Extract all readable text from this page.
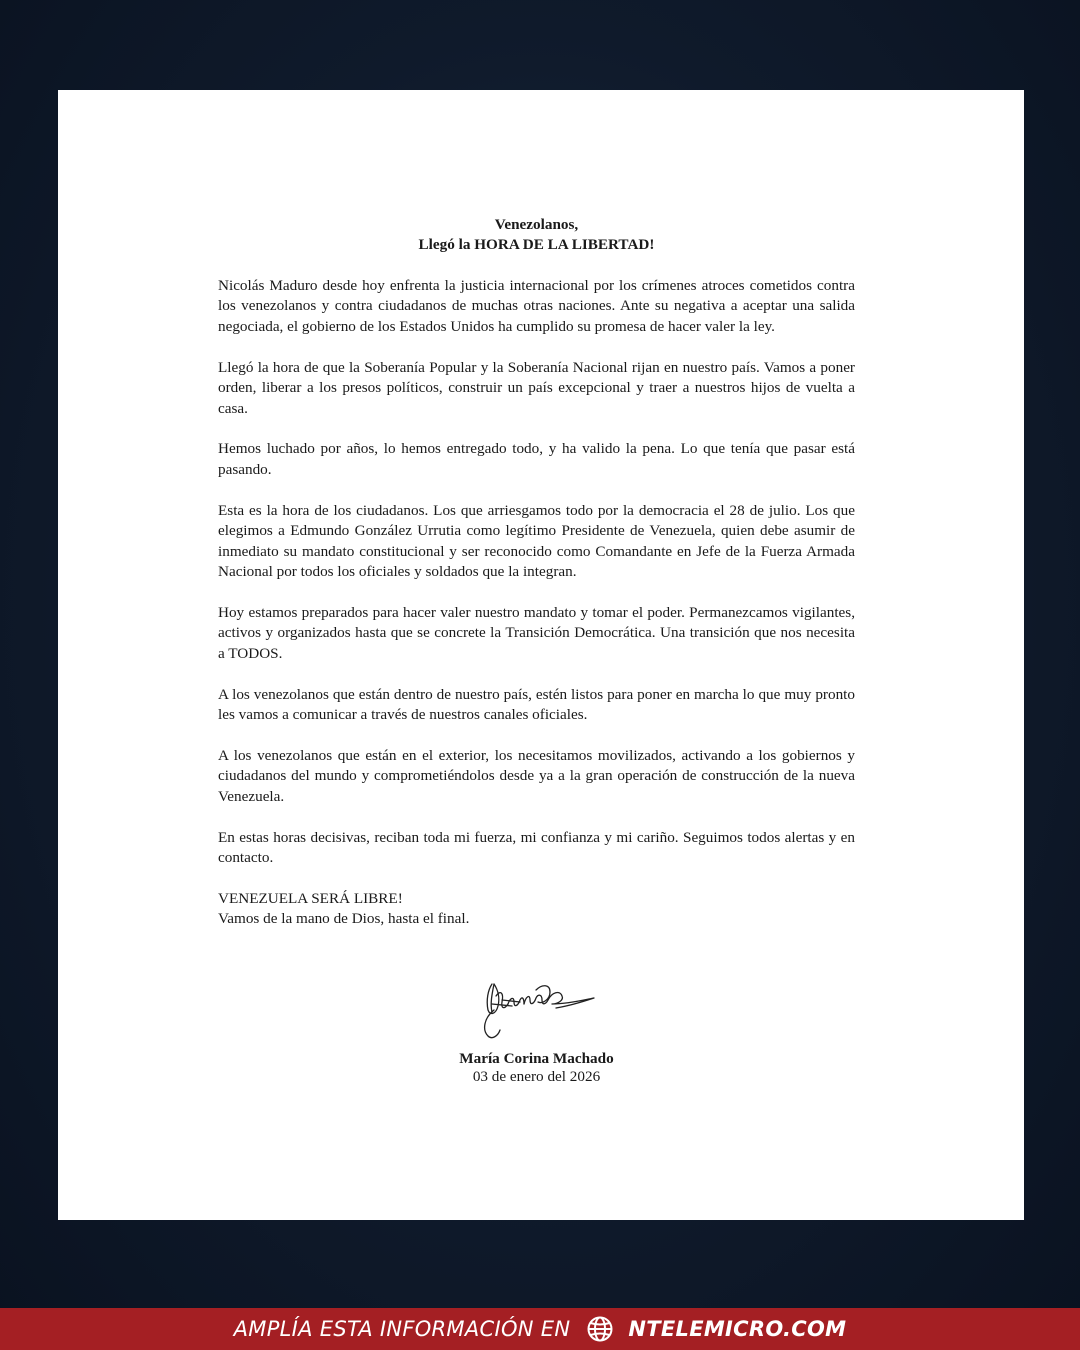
Venezolanos,
Llegó la HORA DE LA LIBERTAD!

Nicolás Maduro desde hoy enfrenta la justicia internacional por los crímenes atroces cometidos contra los venezolanos y contra ciudadanos de muchas otras naciones. Ante su negativa a aceptar una salida negociada, el gobierno de los Estados Unidos ha cumplido su promesa de hacer valer la ley.

Llegó la hora de que la Soberanía Popular y la Soberanía Nacional rijan en nuestro país. Vamos a poner orden, liberar a los presos políticos, construir un país excepcional y traer a nuestros hijos de vuelta a casa.

Hemos luchado por años, lo hemos entregado todo, y ha valido la pena. Lo que tenía que pasar está pasando.

Esta es la hora de los ciudadanos. Los que arriesgamos todo por la democracia el 28 de julio. Los que elegimos a Edmundo González Urrutia como legítimo Presidente de Venezuela, quien debe asumir de inmediato su mandato constitucional y ser reconocido como Comandante en Jefe de la Fuerza Armada Nacional por todos los oficiales y soldados que la integran.

Hoy estamos preparados para hacer valer nuestro mandato y tomar el poder. Permanezcamos vigilantes, activos y organizados hasta que se concrete la Transición Democrática. Una transición que nos necesita a TODOS.

A los venezolanos que están dentro de nuestro país, estén listos para poner en marcha lo que muy pronto les vamos a comunicar a través de nuestros canales oficiales.

A los venezolanos que están en el exterior, los necesitamos movilizados, activando a los gobiernos y ciudadanos del mundo y comprometiéndolos desde ya a la gran operación de construcción de la nueva Venezuela.

En estas horas decisivas, reciban toda mi fuerza, mi confianza y mi cariño. Seguimos todos alertas y en contacto.

VENEZUELA SERÁ LIBRE!

Vamos de la mano de Dios, hasta el final.

María Corina Machado
03 de enero del 2026
AMPLÍA ESTA INFORMACIÓN EN	NTELEMICRO.COM
